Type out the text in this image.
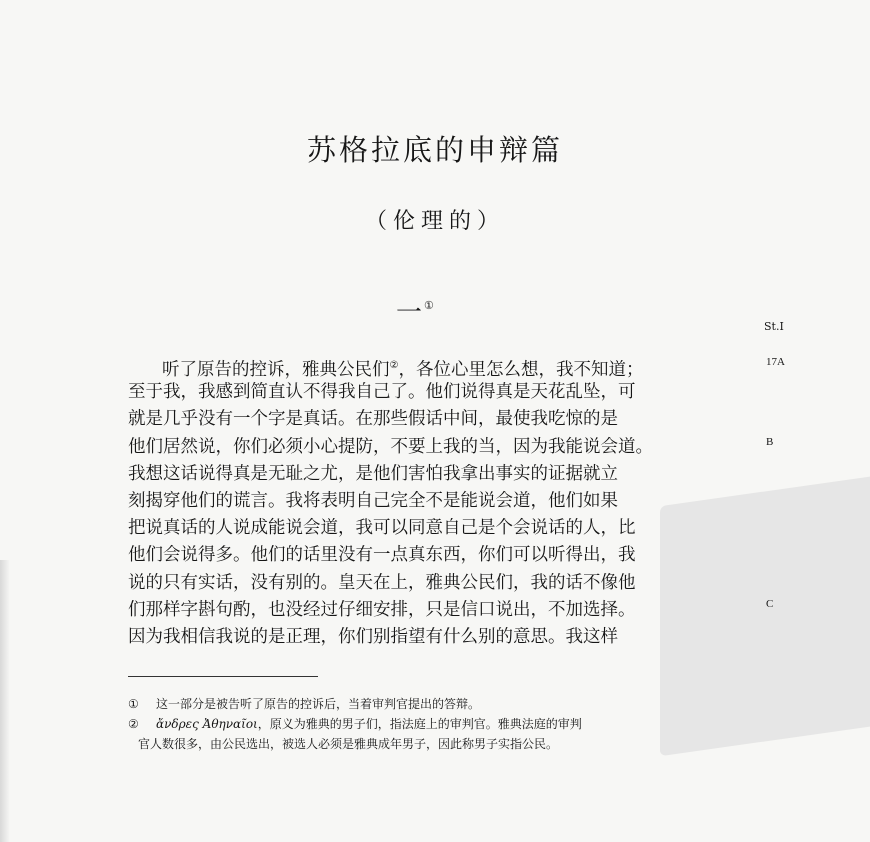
苏格拉底的申辩篇
（伦理的）
一 ①
St.I
17A
B
C
听了原告的控诉，雅典公民们②，各位心里怎么想，我不知道；
至于我，我感到简直认不得我自己了。他们说得真是天花乱坠，可
就是几乎没有一个字是真话。在那些假话中间，最使我吃惊的是
他们居然说，你们必须小心提防，不要上我的当，因为我能说会道。
我想这话说得真是无耻之尤，是他们害怕我拿出事实的证据就立
刻揭穿他们的谎言。我将表明自己完全不是能说会道，他们如果
把说真话的人说成能说会道，我可以同意自己是个会说话的人，比
他们会说得多。他们的话里没有一点真东西，你们可以听得出，我
说的只有实话，没有别的。皇天在上，雅典公民们，我的话不像他
们那样字斟句酌，也没经过仔细安排，只是信口说出，不加选择。
因为我相信我说的是正理，你们别指望有什么别的意思。我这样
① 这一部分是被告听了原告的控诉后，当着审判官提出的答辩。
② ἄνδρες Ἀθηναῖοι，原义为雅典的男子们，指法庭上的审判官。雅典法庭的审判
官人数很多，由公民选出，被选人必须是雅典成年男子，因此称男子实指公民。
